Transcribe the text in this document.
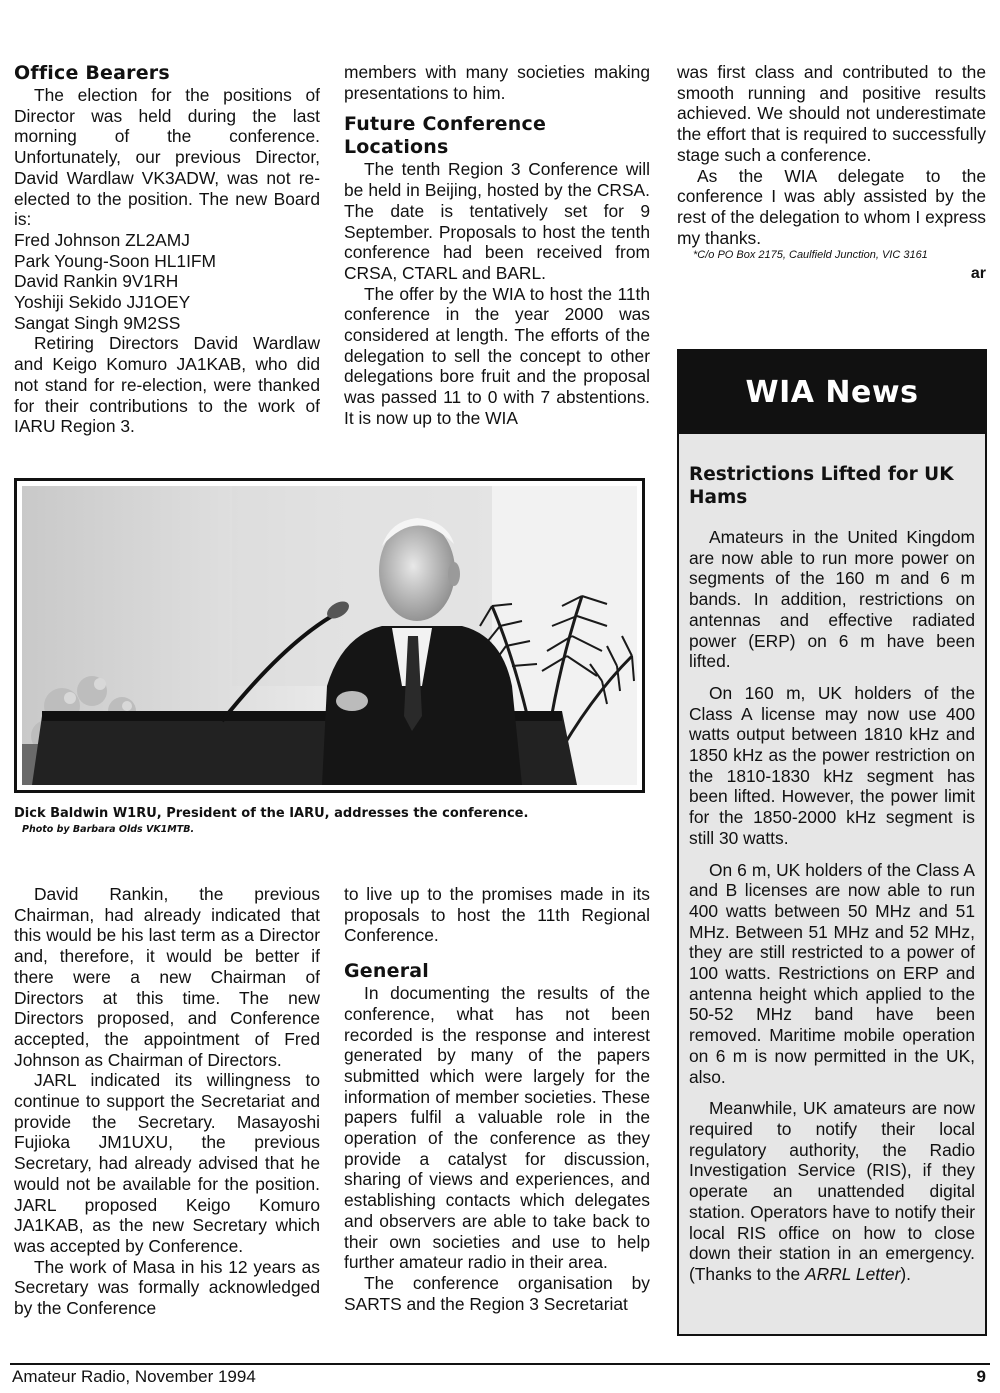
Office Bearers

The election for the positions of Director was held during the last morning of the conference. Unfortunately, our previous Director, David Wardlaw VK3ADW, was not re-elected to the position. The new Board is:

Fred Johnson ZL2AMJ

Park Young-Soon HL1IFM

David Rankin 9V1RH

Yoshiji Sekido JJ1OEY

Sangat Singh 9M2SS

Retiring Directors David Wardlaw and Keigo Komuro JA1KAB, who did not stand for re-election, were thanked for their contributions to the work of IARU Region 3.

members with many societies making presentations to him.

Future Conference Locations

The tenth Region 3 Conference will be held in Beijing, hosted by the CRSA. The date is tentatively set for 9 September. Proposals to host the tenth conference had been received from CRSA, CTARL and BARL.

The offer by the WIA to host the 11th conference in the year 2000 was considered at length. The efforts of the delegation to sell the concept to other delegations bore fruit and the proposal was passed 11 to 0 with 7 abstentions. It is now up to the WIA

was first class and contributed to the smooth running and positive results achieved. We should not underestimate the effort that is required to successfully stage such a conference.

As the WIA delegate to the conference I was ably assisted by the rest of the delegation to whom I express my thanks.

*C/o PO Box 2175, Caulfield Junction, VIC 3161
ar
Dick Baldwin W1RU, President of the IARU, addresses the conference.
Photo by Barbara Olds VK1MTB.

David Rankin, the previous Chairman, had already indicated that this would be his last term as a Director and, therefore, it would be better if there were a new Chairman of Directors at this time. The new Directors proposed, and Conference accepted, the appointment of Fred Johnson as Chairman of Directors.

JARL indicated its willingness to continue to support the Secretariat and provide the Secretary. Masayoshi Fujioka JM1UXU, the previous Secretary, had already advised that he would not be available for the position. JARL proposed Keigo Komuro JA1KAB, as the new Secretary which was accepted by Conference.

The work of Masa in his 12 years as Secretary was formally acknowledged by the Conference

to live up to the promises made in its proposals to host the 11th Regional Conference.

General

In documenting the results of the conference, what has not been recorded is the response and interest generated by many of the papers submitted which were largely for the information of member societies. These papers fulfil a valuable role in the operation of the conference as they provide a catalyst for discussion, sharing of views and experiences, and establishing contacts which delegates and observers are able to take back to their own societies and use to help further amateur radio in their area.

The conference organisation by SARTS and the Region 3 Secretariat

WIA News
Restrictions Lifted for UK Hams

Amateurs in the United Kingdom are now able to run more power on segments of the 160 m and 6 m bands. In addition, restrictions on antennas and effective radiated power (ERP) on 6 m have been lifted.

On 160 m, UK holders of the Class A license may now use 400 watts output between 1810 kHz and 1850 kHz as the power restriction on the 1810-1830 kHz segment has been lifted. However, the power limit for the 1850-2000 kHz segment is still 30 watts.

On 6 m, UK holders of the Class A and B licenses are now able to run 400 watts between 50 MHz and 51 MHz. Between 51 MHz and 52 MHz, they are still restricted to a power of 100 watts. Restrictions on ERP and antenna height which applied to the 50-52 MHz band have been removed. Maritime mobile operation on 6 m is now permitted in the UK, also.

Meanwhile, UK amateurs are now required to notify their local regulatory authority, the Radio Investigation Service (RIS), if they operate an unattended digital station. Operators have to notify their local RIS office on how to close down their station in an emergency. (Thanks to the ARRL Letter).

Amateur Radio, November 1994	9
